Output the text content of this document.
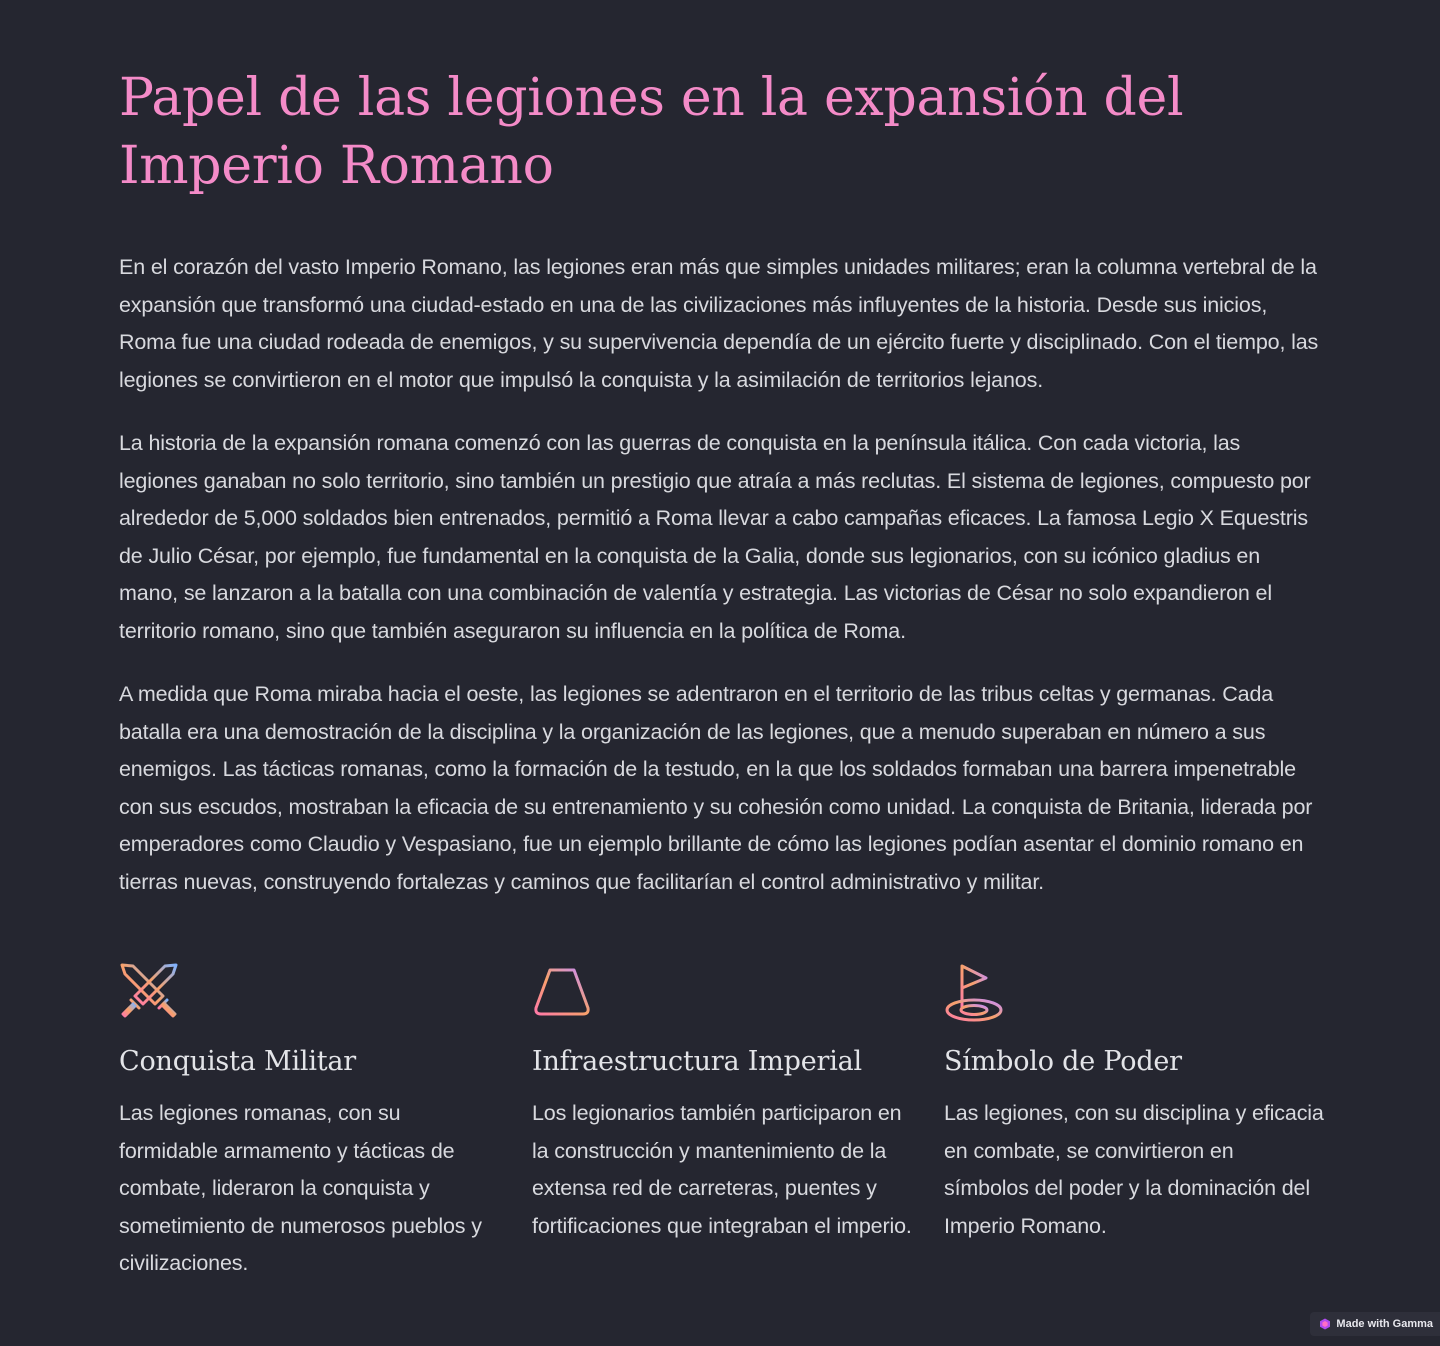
Papel de las legiones en la expansión del Imperio Romano

En el corazón del vasto Imperio Romano, las legiones eran más que simples unidades militares; eran la columna vertebral de la expansión que transformó una ciudad-estado en una de las civilizaciones más influyentes de la historia. Desde sus inicios, Roma fue una ciudad rodeada de enemigos, y su supervivencia dependía de un ejército fuerte y disciplinado. Con el tiempo, las legiones se convirtieron en el motor que impulsó la conquista y la asimilación de territorios lejanos.

La historia de la expansión romana comenzó con las guerras de conquista en la península itálica. Con cada victoria, las legiones ganaban no solo territorio, sino también un prestigio que atraía a más reclutas. El sistema de legiones, compuesto por alrededor de 5,000 soldados bien entrenados, permitió a Roma llevar a cabo campañas eficaces. La famosa Legio X Equestris de Julio César, por ejemplo, fue fundamental en la conquista de la Galia, donde sus legionarios, con su icónico gladius en mano, se lanzaron a la batalla con una combinación de valentía y estrategia. Las victorias de César no solo expandieron el territorio romano, sino que también aseguraron su influencia en la política de Roma.

A medida que Roma miraba hacia el oeste, las legiones se adentraron en el territorio de las tribus celtas y germanas. Cada batalla era una demostración de la disciplina y la organización de las legiones, que a menudo superaban en número a sus enemigos. Las tácticas romanas, como la formación de la testudo, en la que los soldados formaban una barrera impenetrable con sus escudos, mostraban la eficacia de su entrenamiento y su cohesión como unidad. La conquista de Britania, liderada por emperadores como Claudio y Vespasiano, fue un ejemplo brillante de cómo las legiones podían asentar el dominio romano en tierras nuevas, construyendo fortalezas y caminos que facilitarían el control administrativo y militar.

Conquista Militar

Las legiones romanas, con su formidable armamento y tácticas de combate, lideraron la conquista y sometimiento de numerosos pueblos y civilizaciones.

Infraestructura Imperial

Los legionarios también participaron en la construcción y mantenimiento de la extensa red de carreteras, puentes y fortificaciones que integraban el imperio.

Símbolo de Poder

Las legiones, con su disciplina y eficacia en combate, se convirtieron en símbolos del poder y la dominación del Imperio Romano.

Made with Gamma
